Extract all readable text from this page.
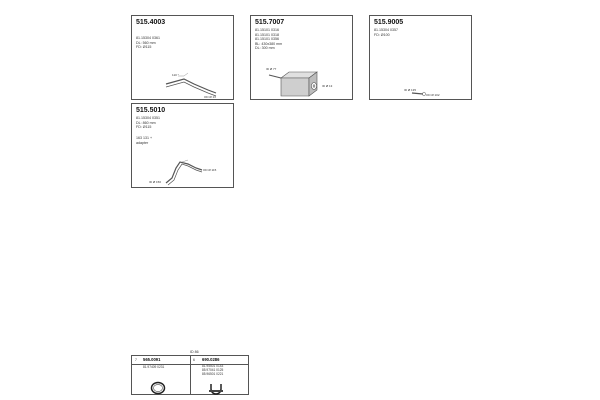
515.4003
81.15304 0361
DL: 560 mm
FD: Ø115
110 °
OD Ø 13
515.7007
81.15101 0316
81.15101 0318
81.15101 0356
BL: 430x380 mm
DL: 300 mm
ID Ø 77
ID Ø 13
515.9005
81.15304 0357
FD: Ø100
ID Ø 135
OD Ø 102
515.5010
81.15304 0351
DL: 860 mm
FD: Ø115
163 131 +
adapter
OD Ø 115
ID Ø 150
ID 86
7 565.0091
81.97409 0231
6 690.0286
81.95501 0143
85.97041 0125
85.96501 0221
